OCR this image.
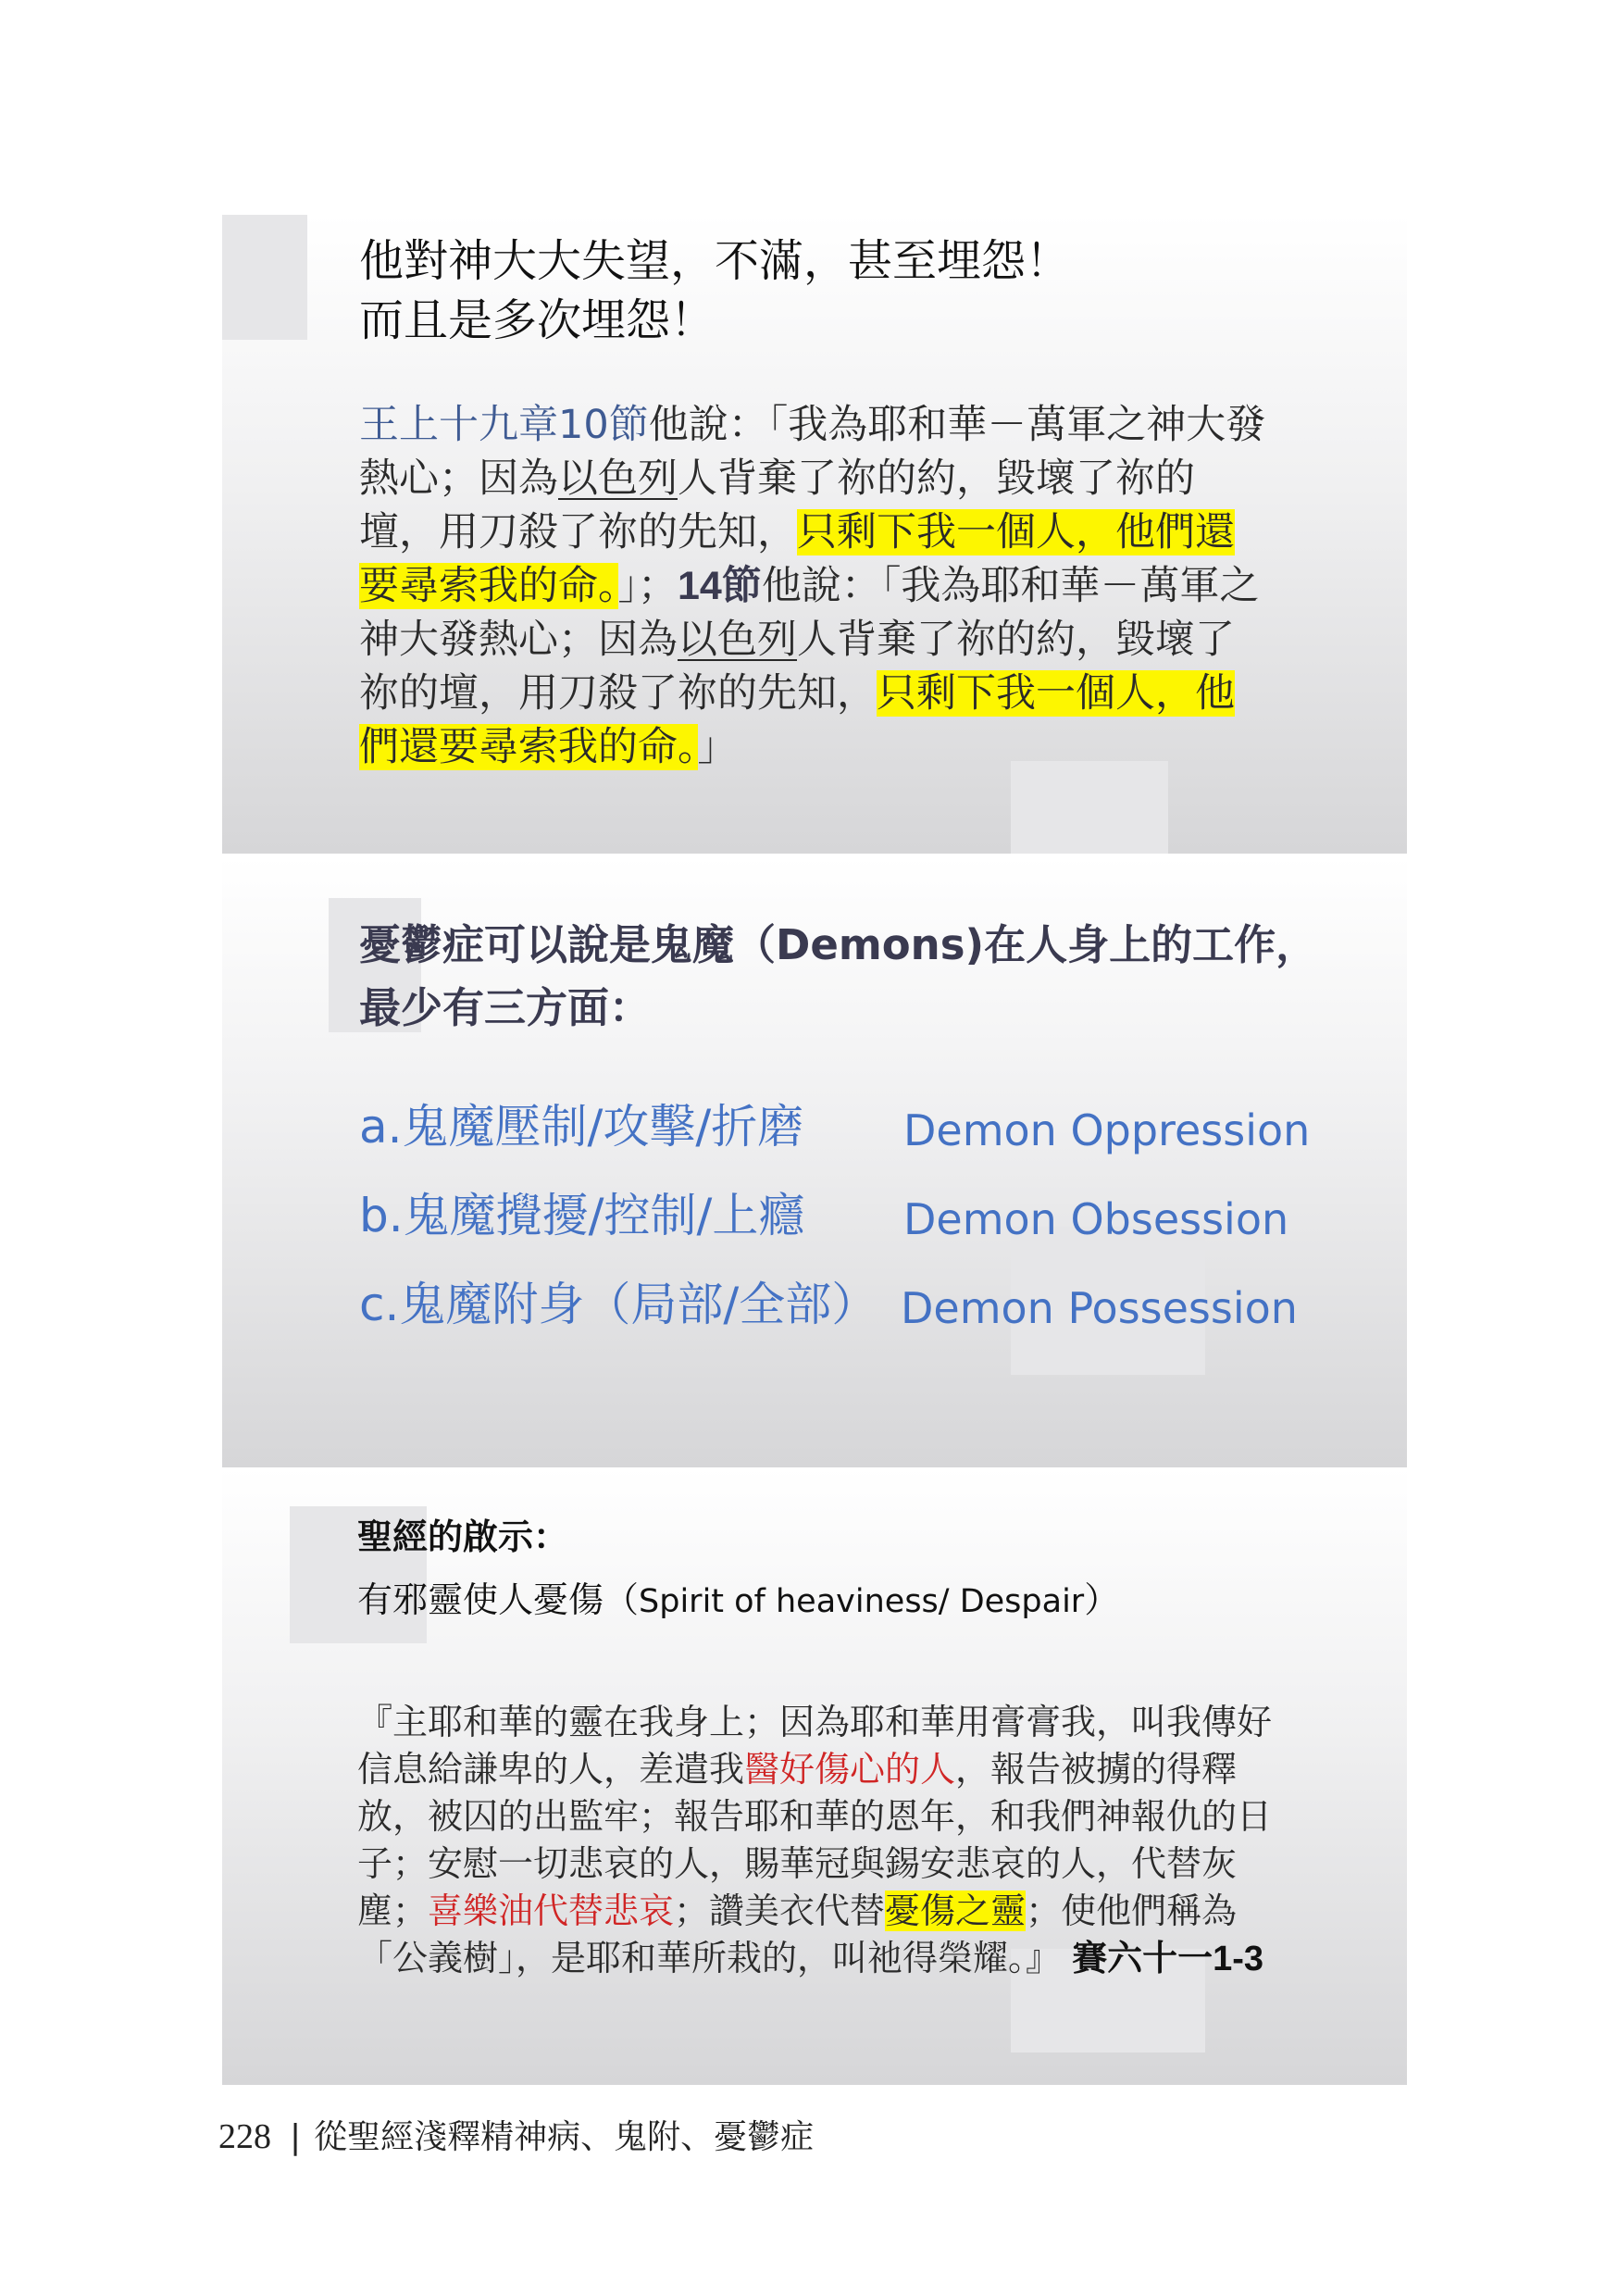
他對神大大失望，不滿，甚至埋怨！
而且是多次埋怨！
王上十九章10節他說：「我為耶和華－萬軍之神大發熱心；因為以色列人背棄了祢的約，毀壞了祢的壇，用刀殺了祢的先知，只剩下我一個人，他們還要尋索我的命。」；14節他說：「我為耶和華－萬軍之神大發熱心；因為以色列人背棄了祢的約，毀壞了祢的壇，用刀殺了祢的先知，只剩下我一個人，他們還要尋索我的命。」
憂鬱症可以說是鬼魔（Demons)在人身上的工作，最少有三方面：
a.鬼魔壓制/攻擊/折磨 Demon Oppression
b.鬼魔攪擾/控制/上癮 Demon Obsession
c.鬼魔附身（局部/全部） Demon Possession
聖經的啟示：
有邪靈使人憂傷（Spirit of heaviness/ Despair）
『主耶和華的靈在我身上；因為耶和華用膏膏我，叫我傳好信息給謙卑的人，差遣我醫好傷心的人，報告被擄的得釋放，被囚的出監牢；報告耶和華的恩年，和我們神報仇的日子；安慰一切悲哀的人，賜華冠與錫安悲哀的人，代替灰塵；喜樂油代替悲哀；讚美衣代替憂傷之靈；使他們稱為「公義樹」，是耶和華所栽的，叫祂得榮耀。』 賽六十一1-3
228 | 從聖經淺釋精神病、鬼附、憂鬱症
